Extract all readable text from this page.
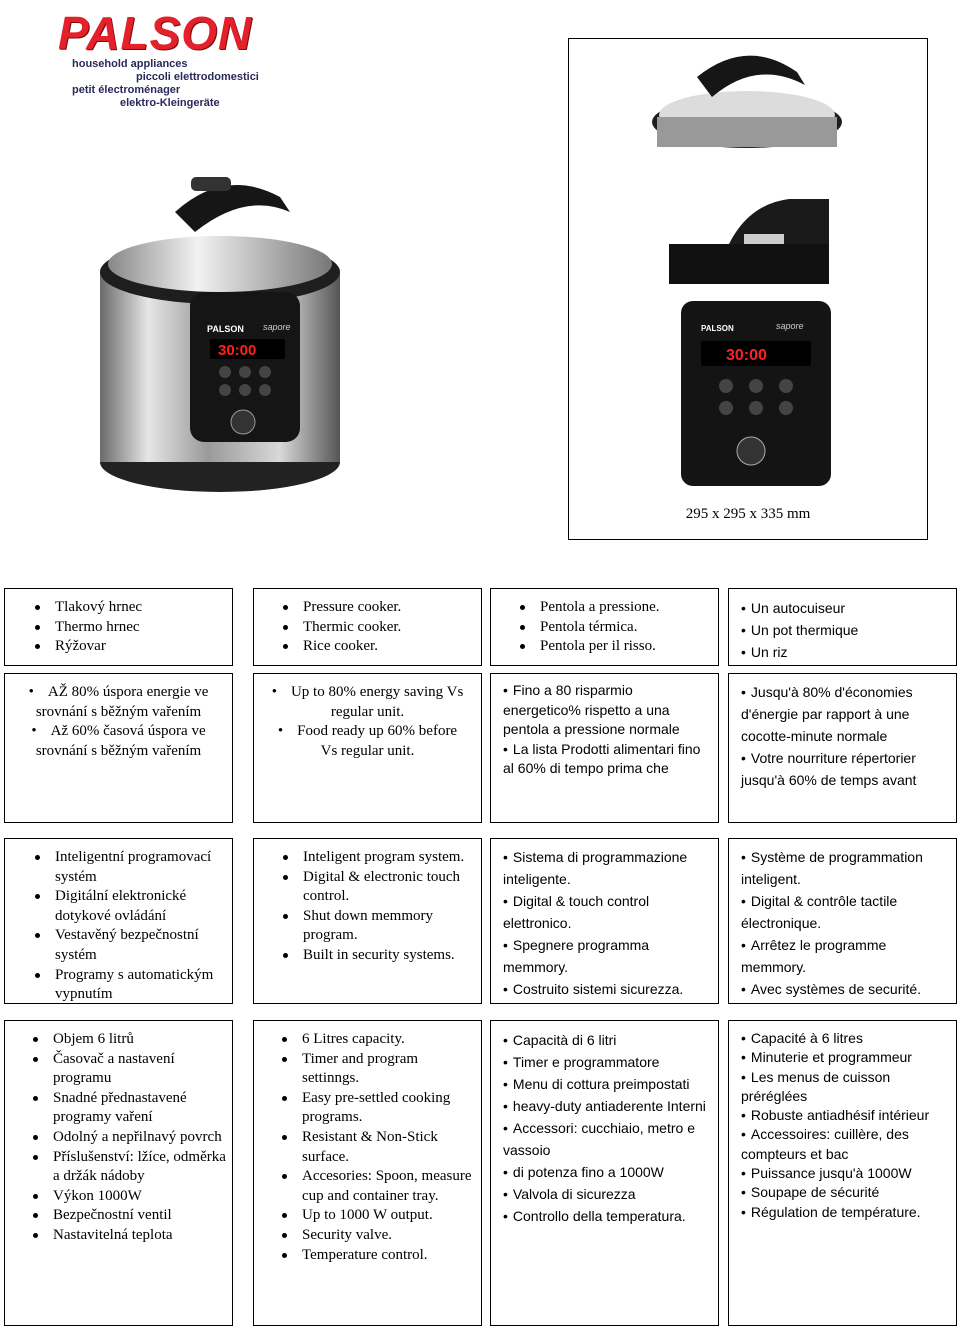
PALSON
household appliances
piccoli elettrodomestici
petit électroménager
elektro-Kleingeräte
PALSON sapore
30:00
PALSON	sapore
30:00
295 x 295 x 335 mm
Tlakový hrnec
Thermo hrnec
Rýžovar
Pressure cooker.
Thermic cooker.
Rice cooker.
Pentola a pressione.
Pentola térmica.
Pentola per il risso.
• Un autocuiseur
• Un pot thermique
• Un riz
• AŽ 80% úspora energie ve srovnání s běžným vařením
• Až 60% časová úspora ve srovnání s běžným vařením
• Up to 80% energy saving Vs regular unit.
• Food ready up 60% before Vs regular unit.
• Fino a 80 risparmio energetico% rispetto a una pentola a pressione normale
• La lista Prodotti alimentari fino al 60% di tempo prima che
• Jusqu'à 80% d'économies d'énergie par rapport à une cocotte-minute normale
• Votre nourriture répertorier jusqu'à 60% de temps avant
Inteligentní programovací systém
Digitální elektronické dotykové ovládání
Vestavěný bezpečnostní systém
Programy s automatickým vypnutím
Inteligent program system.
Digital & electronic touch control.
Shut down memmory program.
Built in security systems.
• Sistema di programmazione inteligente.
• Digital & touch control elettronico.
• Spegnere programma memmory.
• Costruito sistemi sicurezza.
• Système de programmation inteligent.
• Digital & contrôle tactile électronique.
• Arrêtez le programme memmory.
• Avec systèmes de securité.
Objem 6 litrů
Časovač a nastavení programu
Snadné přednastavené programy vaření
Odolný a nepřilnavý povrch
Příslušenství: lžíce, odměrka a držák nádoby
Výkon 1000W
Bezpečnostní ventil
Nastavitelná teplota
6 Litres capacity.
Timer and program settinngs.
Easy pre-settled cooking programs.
Resistant & Non-Stick surface.
Accesories: Spoon, measure cup and container tray.
Up to 1000 W output.
Security valve.
Temperature control.
• Capacità di 6 litri
• Timer e programmatore
• Menu di cottura preimpostati
• heavy-duty antiaderente Interni
• Accessori: cucchiaio, metro e vassoio
• di potenza fino a 1000W
• Valvola di sicurezza
• Controllo della temperatura.
• Capacité à 6 litres
• Minuterie et programmeur
• Les menus de cuisson préréglées
• Robuste antiadhésif intérieur
• Accessoires: cuillère, des compteurs et bac
• Puissance jusqu'à 1000W
• Soupape de sécurité
• Régulation de température.
